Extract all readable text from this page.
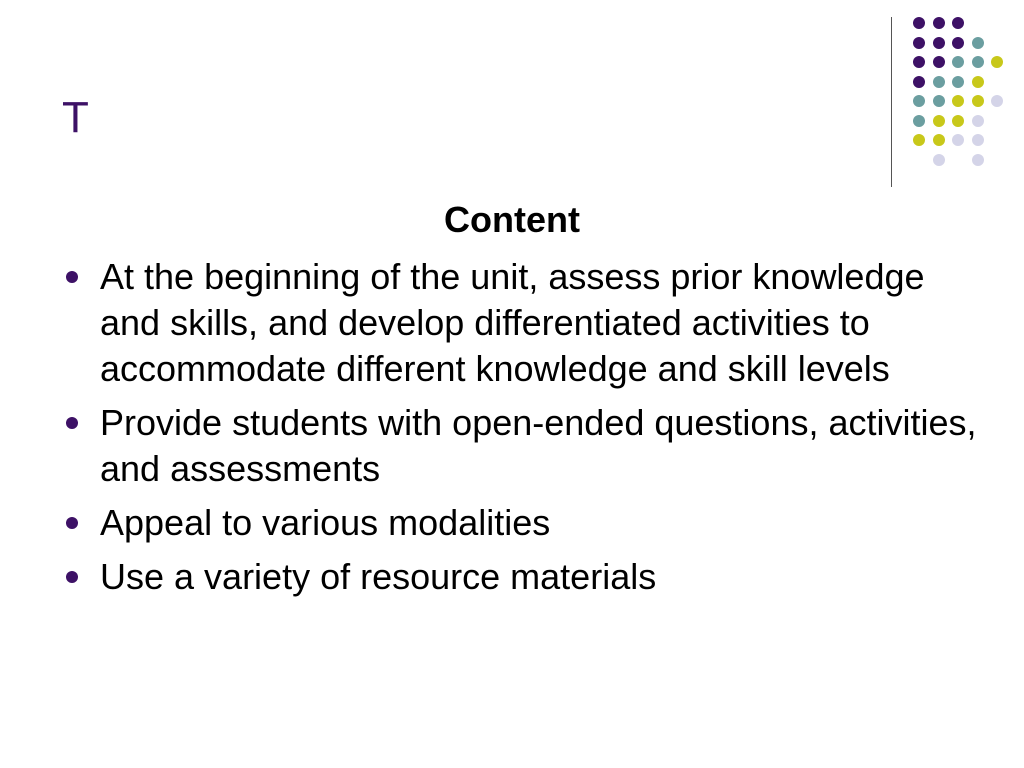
T
Content
At the beginning of the unit, assess prior knowledge and skills, and develop differentiated activities to accommodate different knowledge and skill levels
Provide students with open-ended questions, activities, and assessments
Appeal to various modalities
Use a variety of resource materials
